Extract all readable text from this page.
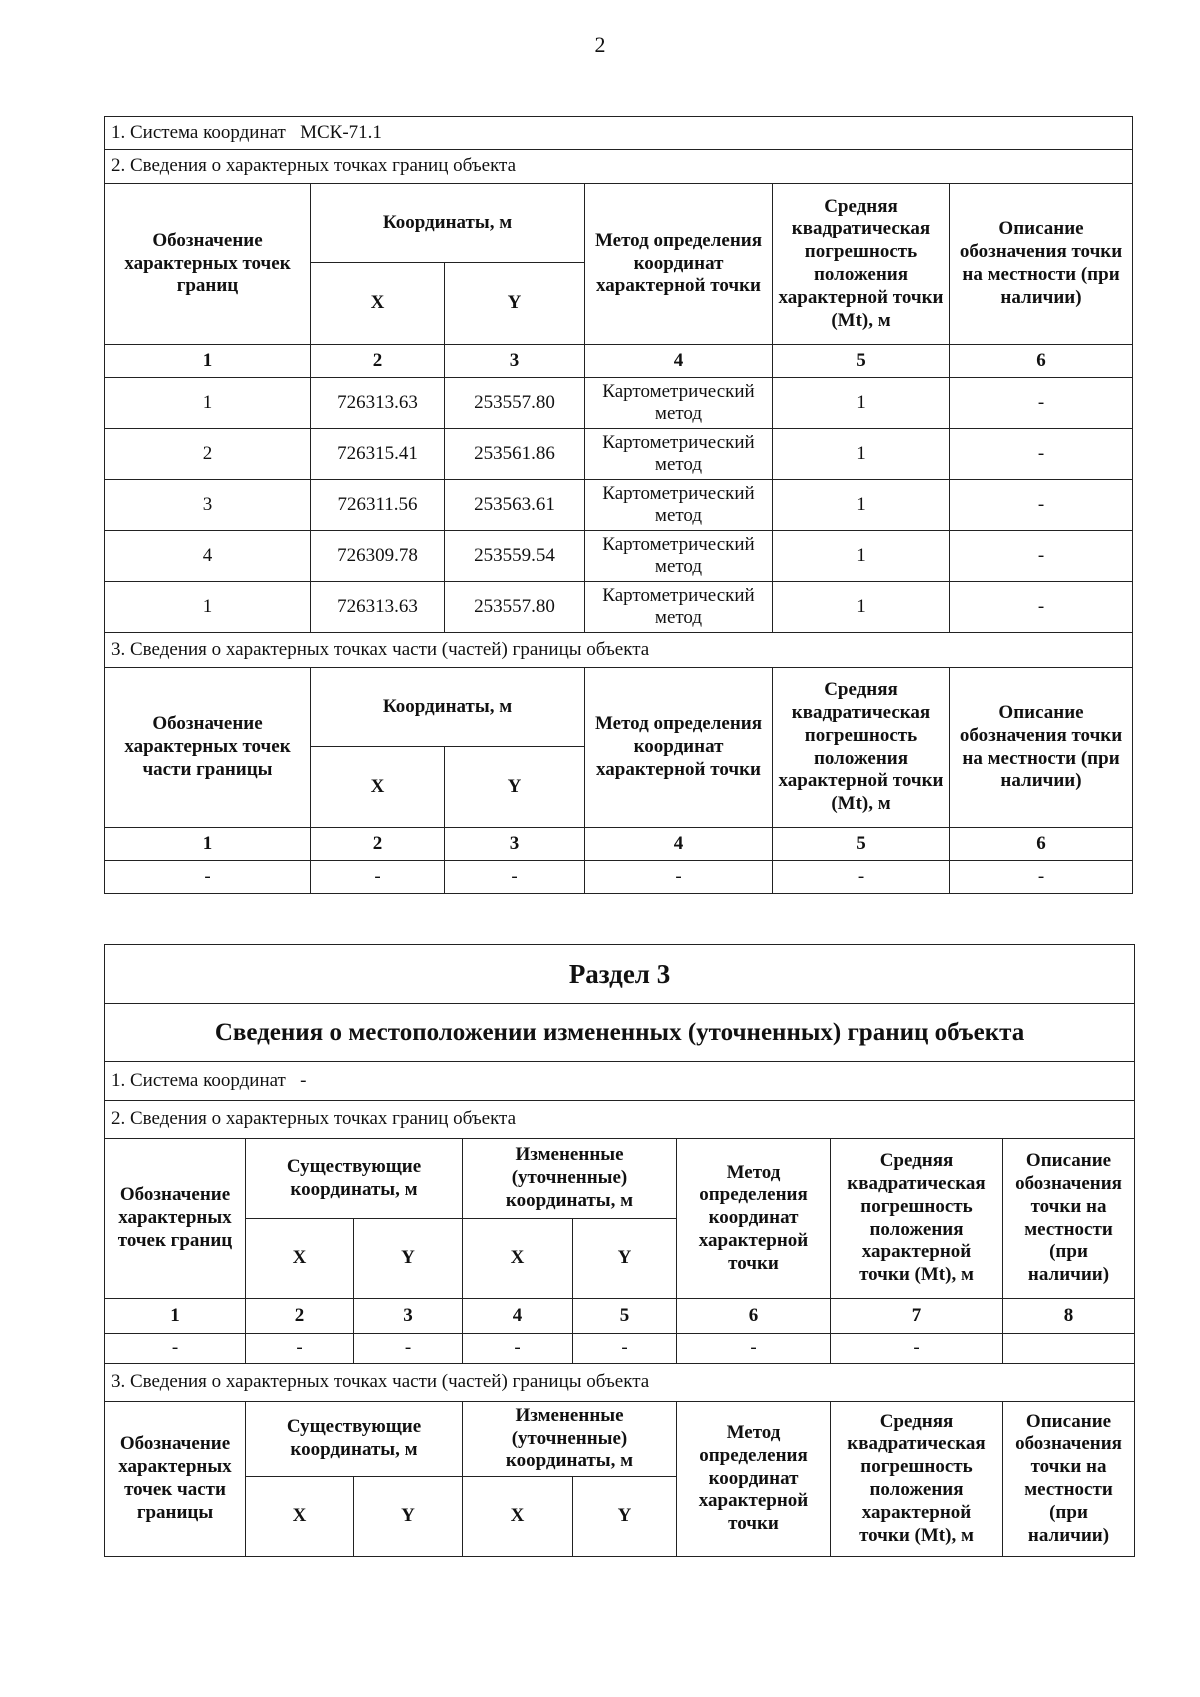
2
1. Система координат МСК-71.1					
2. Сведения о характерных точках границ объекта					
Обозначение характерных точек границ	Координаты, м		Метод определения координат характерной точки	Средняя квадратическая погрешность положения характерной точки (Mt), м	Описание обозначения точки на местности (при наличии)
	X	Y			
1	2	3	4	5	6
1	726313.63	253557.80	Картометрический метод	1	-
2	726315.41	253561.86	Картометрический метод	1	-
3	726311.56	253563.61	Картометрический метод	1	-
4	726309.78	253559.54	Картометрический метод	1	-
1	726313.63	253557.80	Картометрический метод	1	-
3. Сведения о характерных точках части (частей) границы объекта					
Обозначение характерных точек части границы	Координаты, м		Метод определения координат характерной точки	Средняя квадратическая погрешность положения характерной точки (Mt), м	Описание обозначения точки на местности (при наличии)
	X	Y			
1	2	3	4	5	6
-	-	-	-	-	-
Раздел 3							
Сведения о местоположении измененных (уточненных) границ объекта							
1. Система координат -							
2. Сведения о характерных точках границ объекта							
Обозначение характерных точек границ	Существующие координаты, м		Измененные (уточненные) координаты, м		Метод определения координат характерной точки	Средняя квадратическая погрешность положения характерной точки (Mt), м	Описание обозначения точки на местности (при наличии)
	X	Y	X	Y			
1	2	3	4	5	6	7	8
-	-	-	-	-	-	-	
3. Сведения о характерных точках части (частей) границы объекта							
Обозначение характерных точек части границы	Существующие координаты, м		Измененные (уточненные) координаты, м		Метод определения координат характерной точки	Средняя квадратическая погрешность положения характерной точки (Mt), м	Описание обозначения точки на местности (при наличии)
	X	Y	X	Y			
